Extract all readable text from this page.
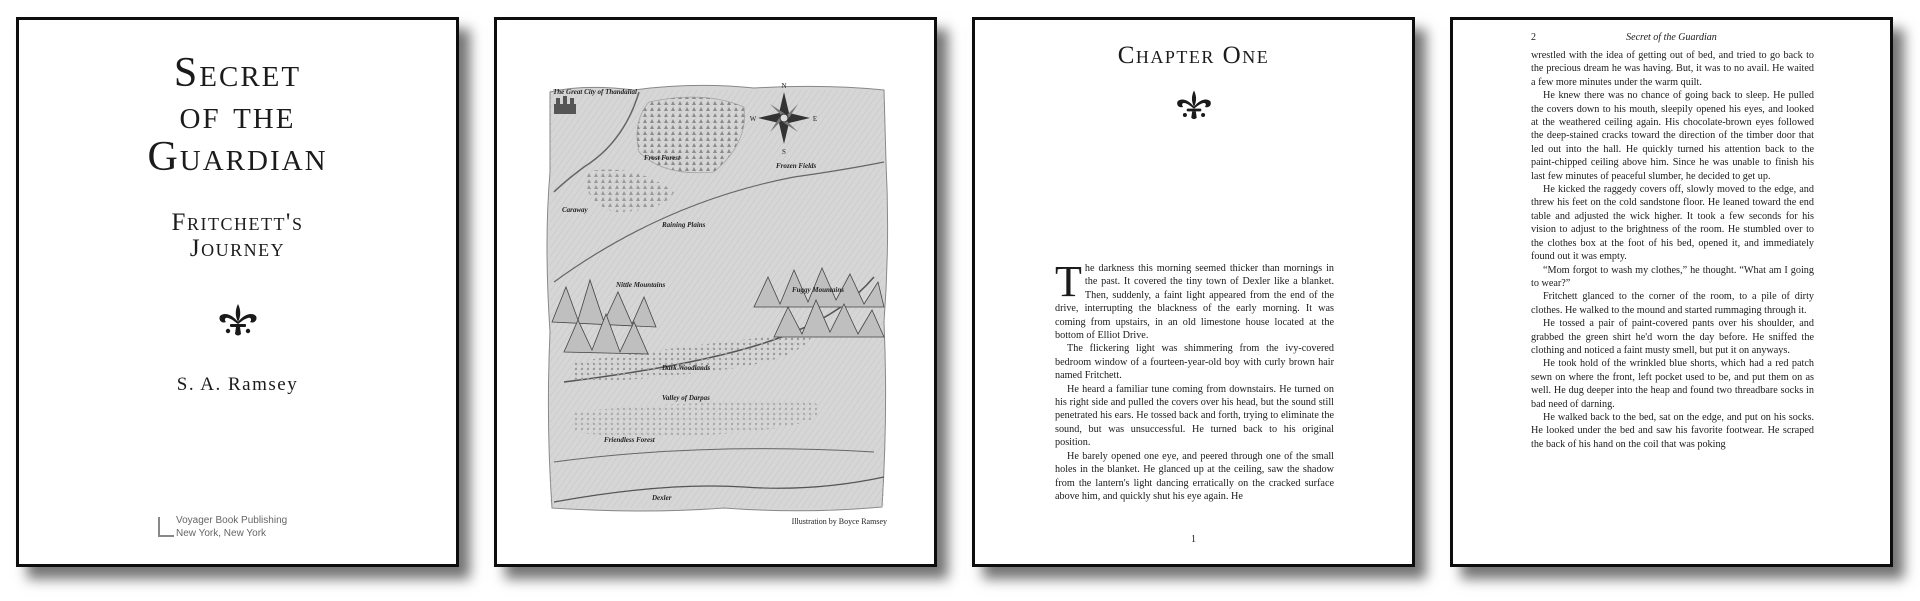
Secret
of the
Guardian
Fritchett's
Journey
S. A. Ramsey
Voyager Book Publishing
New York, New York
N
S
E
W
The Great City of Thandalial
Frost Forest
Frozen Fields
Caraway
Raining Plains
Nittle Mountains
Fuggy Mountains
Dark Woodlands
Valley of Darpas
Friendless Forest
Dexler
Illustration by Boyce Ramsey
Chapter One

The darkness this morning seemed thicker than mornings in the past. It covered the tiny town of Dexler like a blanket. Then, suddenly, a faint light appeared from the end of the drive, interrupting the blackness of the early morning. It was coming from upstairs, in an old limestone house located at the bottom of Elliot Drive.

The flickering light was shimmering from the ivy-covered bedroom window of a fourteen-year-old boy with curly brown hair named Fritchett.

He heard a familiar tune coming from downstairs. He turned on his right side and pulled the covers over his head, but the sound still penetrated his ears. He tossed back and forth, trying to eliminate the sound, but was unsuccessful. He turned back to his original position.

He barely opened one eye, and peered through one of the small holes in the blanket. He glanced up at the ceiling, saw the shadow from the lantern's light dancing erratically on the cracked surface above him, and quickly shut his eye again. He

1
2	Secret of the Guardian

wrestled with the idea of getting out of bed, and tried to go back to the precious dream he was having. But, it was to no avail. He waited a few more minutes under the warm quilt.

He knew there was no chance of going back to sleep. He pulled the covers down to his mouth, sleepily opened his eyes, and looked at the weathered ceiling again. His chocolate-brown eyes followed the deep-stained cracks toward the direction of the timber door that led out into the hall. He quickly turned his attention back to the paint-chipped ceiling above him. Since he was unable to finish his last few minutes of peaceful slumber, he decided to get up.

He kicked the raggedy covers off, slowly moved to the edge, and threw his feet on the cold sandstone floor. He leaned toward the end table and adjusted the wick higher. It took a few seconds for his vision to adjust to the brightness of the room. He stumbled over to the clothes box at the foot of his bed, opened it, and immediately found out it was empty.

“Mom forgot to wash my clothes,” he thought. “What am I going to wear?”

Fritchett glanced to the corner of the room, to a pile of dirty clothes. He walked to the mound and started rummaging through it.

He tossed a pair of paint-covered pants over his shoulder, and grabbed the green shirt he'd worn the day before. He sniffed the clothing and noticed a faint musty smell, but put it on anyways.

He took hold of the wrinkled blue shorts, which had a red patch sewn on where the front, left pocket used to be, and put them on as well. He dug deeper into the heap and found two threadbare socks in bad need of darning.

He walked back to the bed, sat on the edge, and put on his socks. He looked under the bed and saw his favorite footwear. He scraped the back of his hand on the coil that was poking
